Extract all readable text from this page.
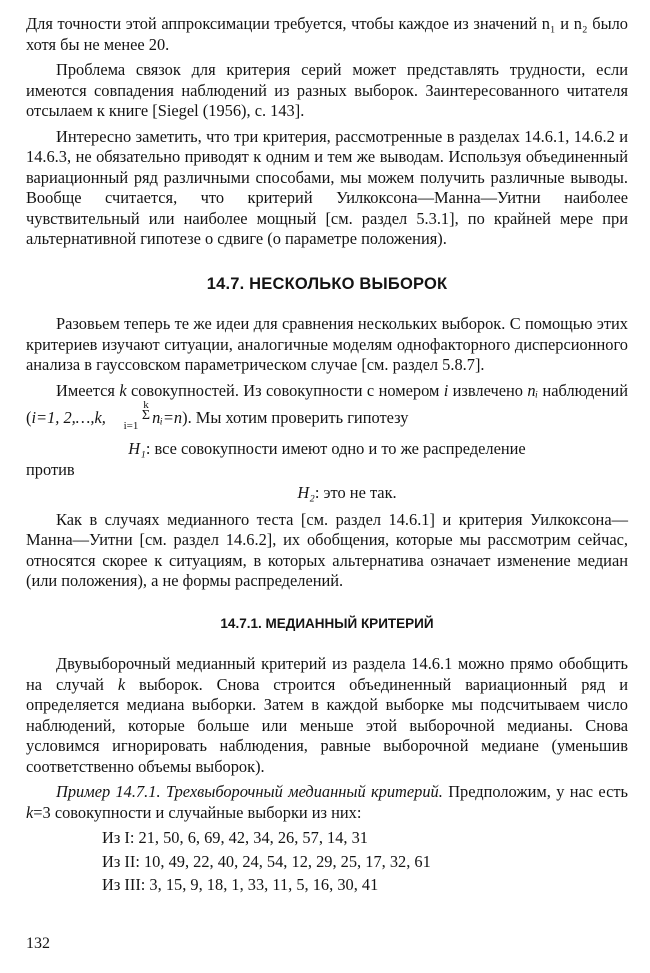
Для точности этой аппроксимации требуется, чтобы каждое из значений n₁ и n₂ было хотя бы не менее 20.

Проблема связок для критерия серий может представлять трудности, если имеются совпадения наблюдений из разных выборок. Заинтересованного читателя отсылаем к книге [Siegel (1956), с. 143].

Интересно заметить, что три критерия, рассмотренные в разделах 14.6.1, 14.6.2 и 14.6.3, не обязательно приводят к одним и тем же выводам. Используя объединенный вариационный ряд различными способами, мы можем получить различные выводы. Вообще считается, что критерий Уилкоксона—Манна—Уитни наиболее чувствительный или наиболее мощный [см. раздел 5.3.1], по крайней мере при альтернативной гипотезе о сдвиге (о параметре положения).

14.7. НЕСКОЛЬКО ВЫБОРОК

Разовьем теперь те же идеи для сравнения нескольких выборок. С помощью этих критериев изучают ситуации, аналогичные моделям однофакторного дисперсионного анализа в гауссовском параметрическом случае [см. раздел 5.8.7].

Имеется k совокупностей. Из совокупности с номером i извлечено nᵢ наблюдений (i=1, 2,…,k, k
Σ
i=1 nᵢ=n). Мы хотим проверить гипотезу

H₁: все совокупности имеют одно и то же распределение
против
H₂: это не так.

Как в случаях медианного теста [см. раздел 14.6.1] и критерия Уилкоксона—Манна—Уитни [см. раздел 14.6.2], их обобщения, которые мы рассмотрим сейчас, относятся скорее к ситуациям, в которых альтернатива означает изменение медиан (или положения), а не формы распределений.

14.7.1. МЕДИАННЫЙ КРИТЕРИЙ

Двувыборочный медианный критерий из раздела 14.6.1 можно прямо обобщить на случай k выборок. Снова строится объединенный вариационный ряд и определяется медиана выборки. Затем в каждой выборке мы подсчитываем число наблюдений, которые больше или меньше этой выборочной медианы. Снова условимся игнорировать наблюдения, равные выборочной медиане (уменьшив соответственно объемы выборок).

Пример 14.7.1. Трехвыборочный медианный критерий. Предположим, у нас есть k=3 совокупности и случайные выборки из них:

Из I: 21, 50, 6, 69, 42, 34, 26, 57, 14, 31
Из II: 10, 49, 22, 40, 24, 54, 12, 29, 25, 17, 32, 61
Из III: 3, 15, 9, 18, 1, 33, 11, 5, 16, 30, 41
132
